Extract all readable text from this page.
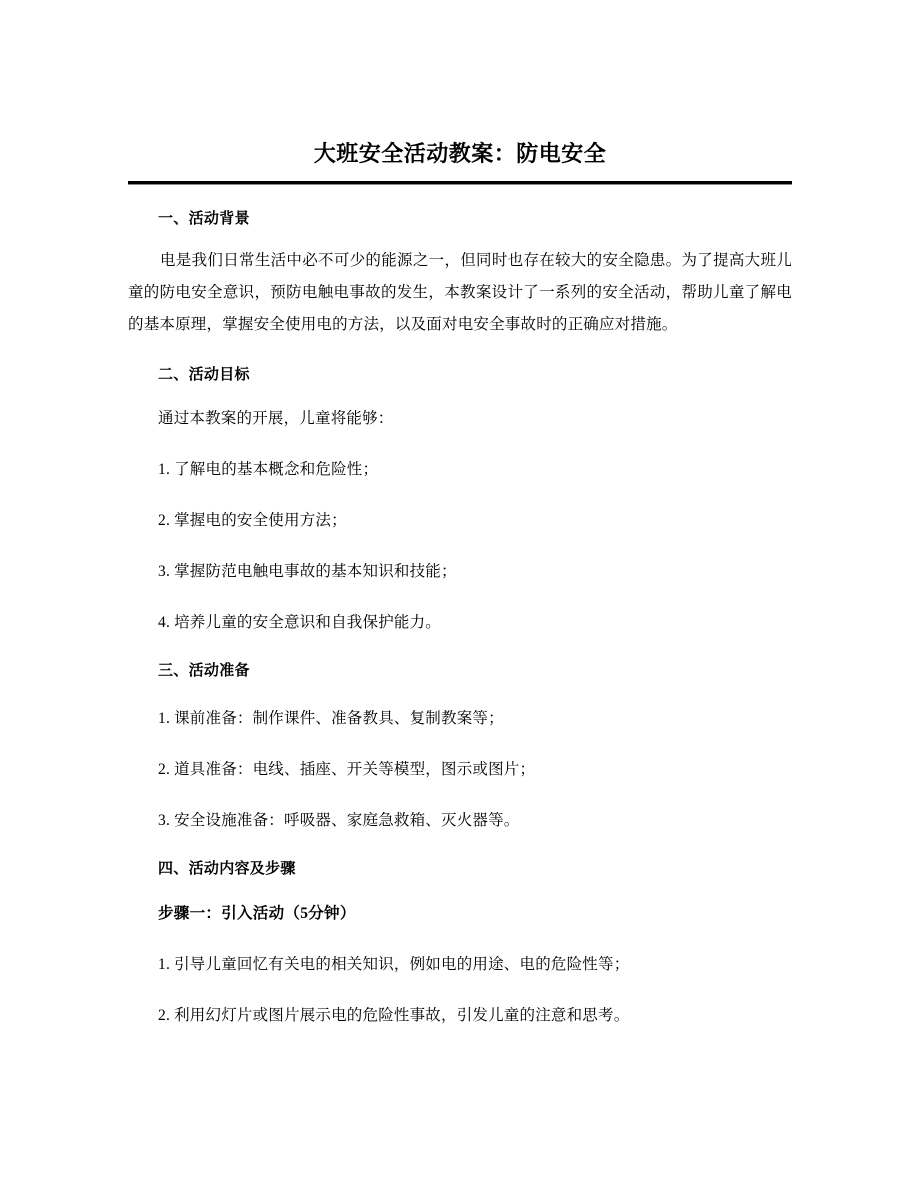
大班安全活动教案：防电安全
一、活动背景

电是我们日常生活中必不可少的能源之一，但同时也存在较大的安全隐患。为了提高大班儿童的防电安全意识，预防电触电事故的发生，本教案设计了一系列的安全活动，帮助儿童了解电的基本原理，掌握安全使用电的方法，以及面对电安全事故时的正确应对措施。

二、活动目标

通过本教案的开展，儿童将能够：

1. 了解电的基本概念和危险性；

2. 掌握电的安全使用方法；

3. 掌握防范电触电事故的基本知识和技能；

4. 培养儿童的安全意识和自我保护能力。

三、活动准备

1. 课前准备：制作课件、准备教具、复制教案等；

2. 道具准备：电线、插座、开关等模型，图示或图片；

3. 安全设施准备：呼吸器、家庭急救箱、灭火器等。

四、活动内容及步骤
步骤一：引入活动（5分钟）

1. 引导儿童回忆有关电的相关知识，例如电的用途、电的危险性等；

2. 利用幻灯片或图片展示电的危险性事故，引发儿童的注意和思考。
